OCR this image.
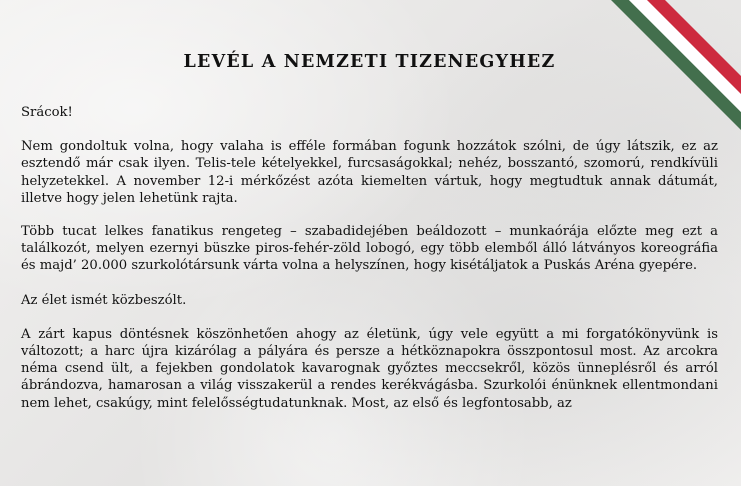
LEVÉL A NEMZETI TIZENEGYHEZ

Srácok!

Nem gondoltuk volna, hogy valaha is efféle formában fogunk hozzátok szólni, de úgy látszik, ez az esztendő már csak ilyen. Telis-tele kételyekkel, furcsaságokkal; nehéz, bosszantó, szomorú, rendkívüli helyzetekkel. A november 12-i mérkőzést azóta kiemelten vártuk, hogy megtudtuk annak dátumát, illetve hogy jelen lehetünk rajta.

Több tucat lelkes fanatikus rengeteg – szabadidejében beáldozott – munkaórája előzte meg ezt a találkozót, melyen ezernyi büszke piros-fehér-zöld lobogó, egy több elemből álló látványos koreográfia és majd’ 20.000 szurkolótársunk várta volna a helyszínen, hogy kisétáljatok a Puskás Aréna gyepére.

Az élet ismét közbeszólt.

A zárt kapus döntésnek köszönhetően ahogy az életünk, úgy vele együtt a mi forgatókönyvünk is változott; a harc újra kizárólag a pályára és persze a hétköznapokra összpontosul most. Az arcokra néma csend ült, a fejekben gondolatok kavarognak győztes meccsekről, közös ünneplésről és arról ábrándozva, hamarosan a világ visszakerül a rendes kerékvágásba. Szurkolói énünknek ellentmondani nem lehet, csakúgy, mint felelősségtudatunknak. Most, az első és legfontosabb, az
